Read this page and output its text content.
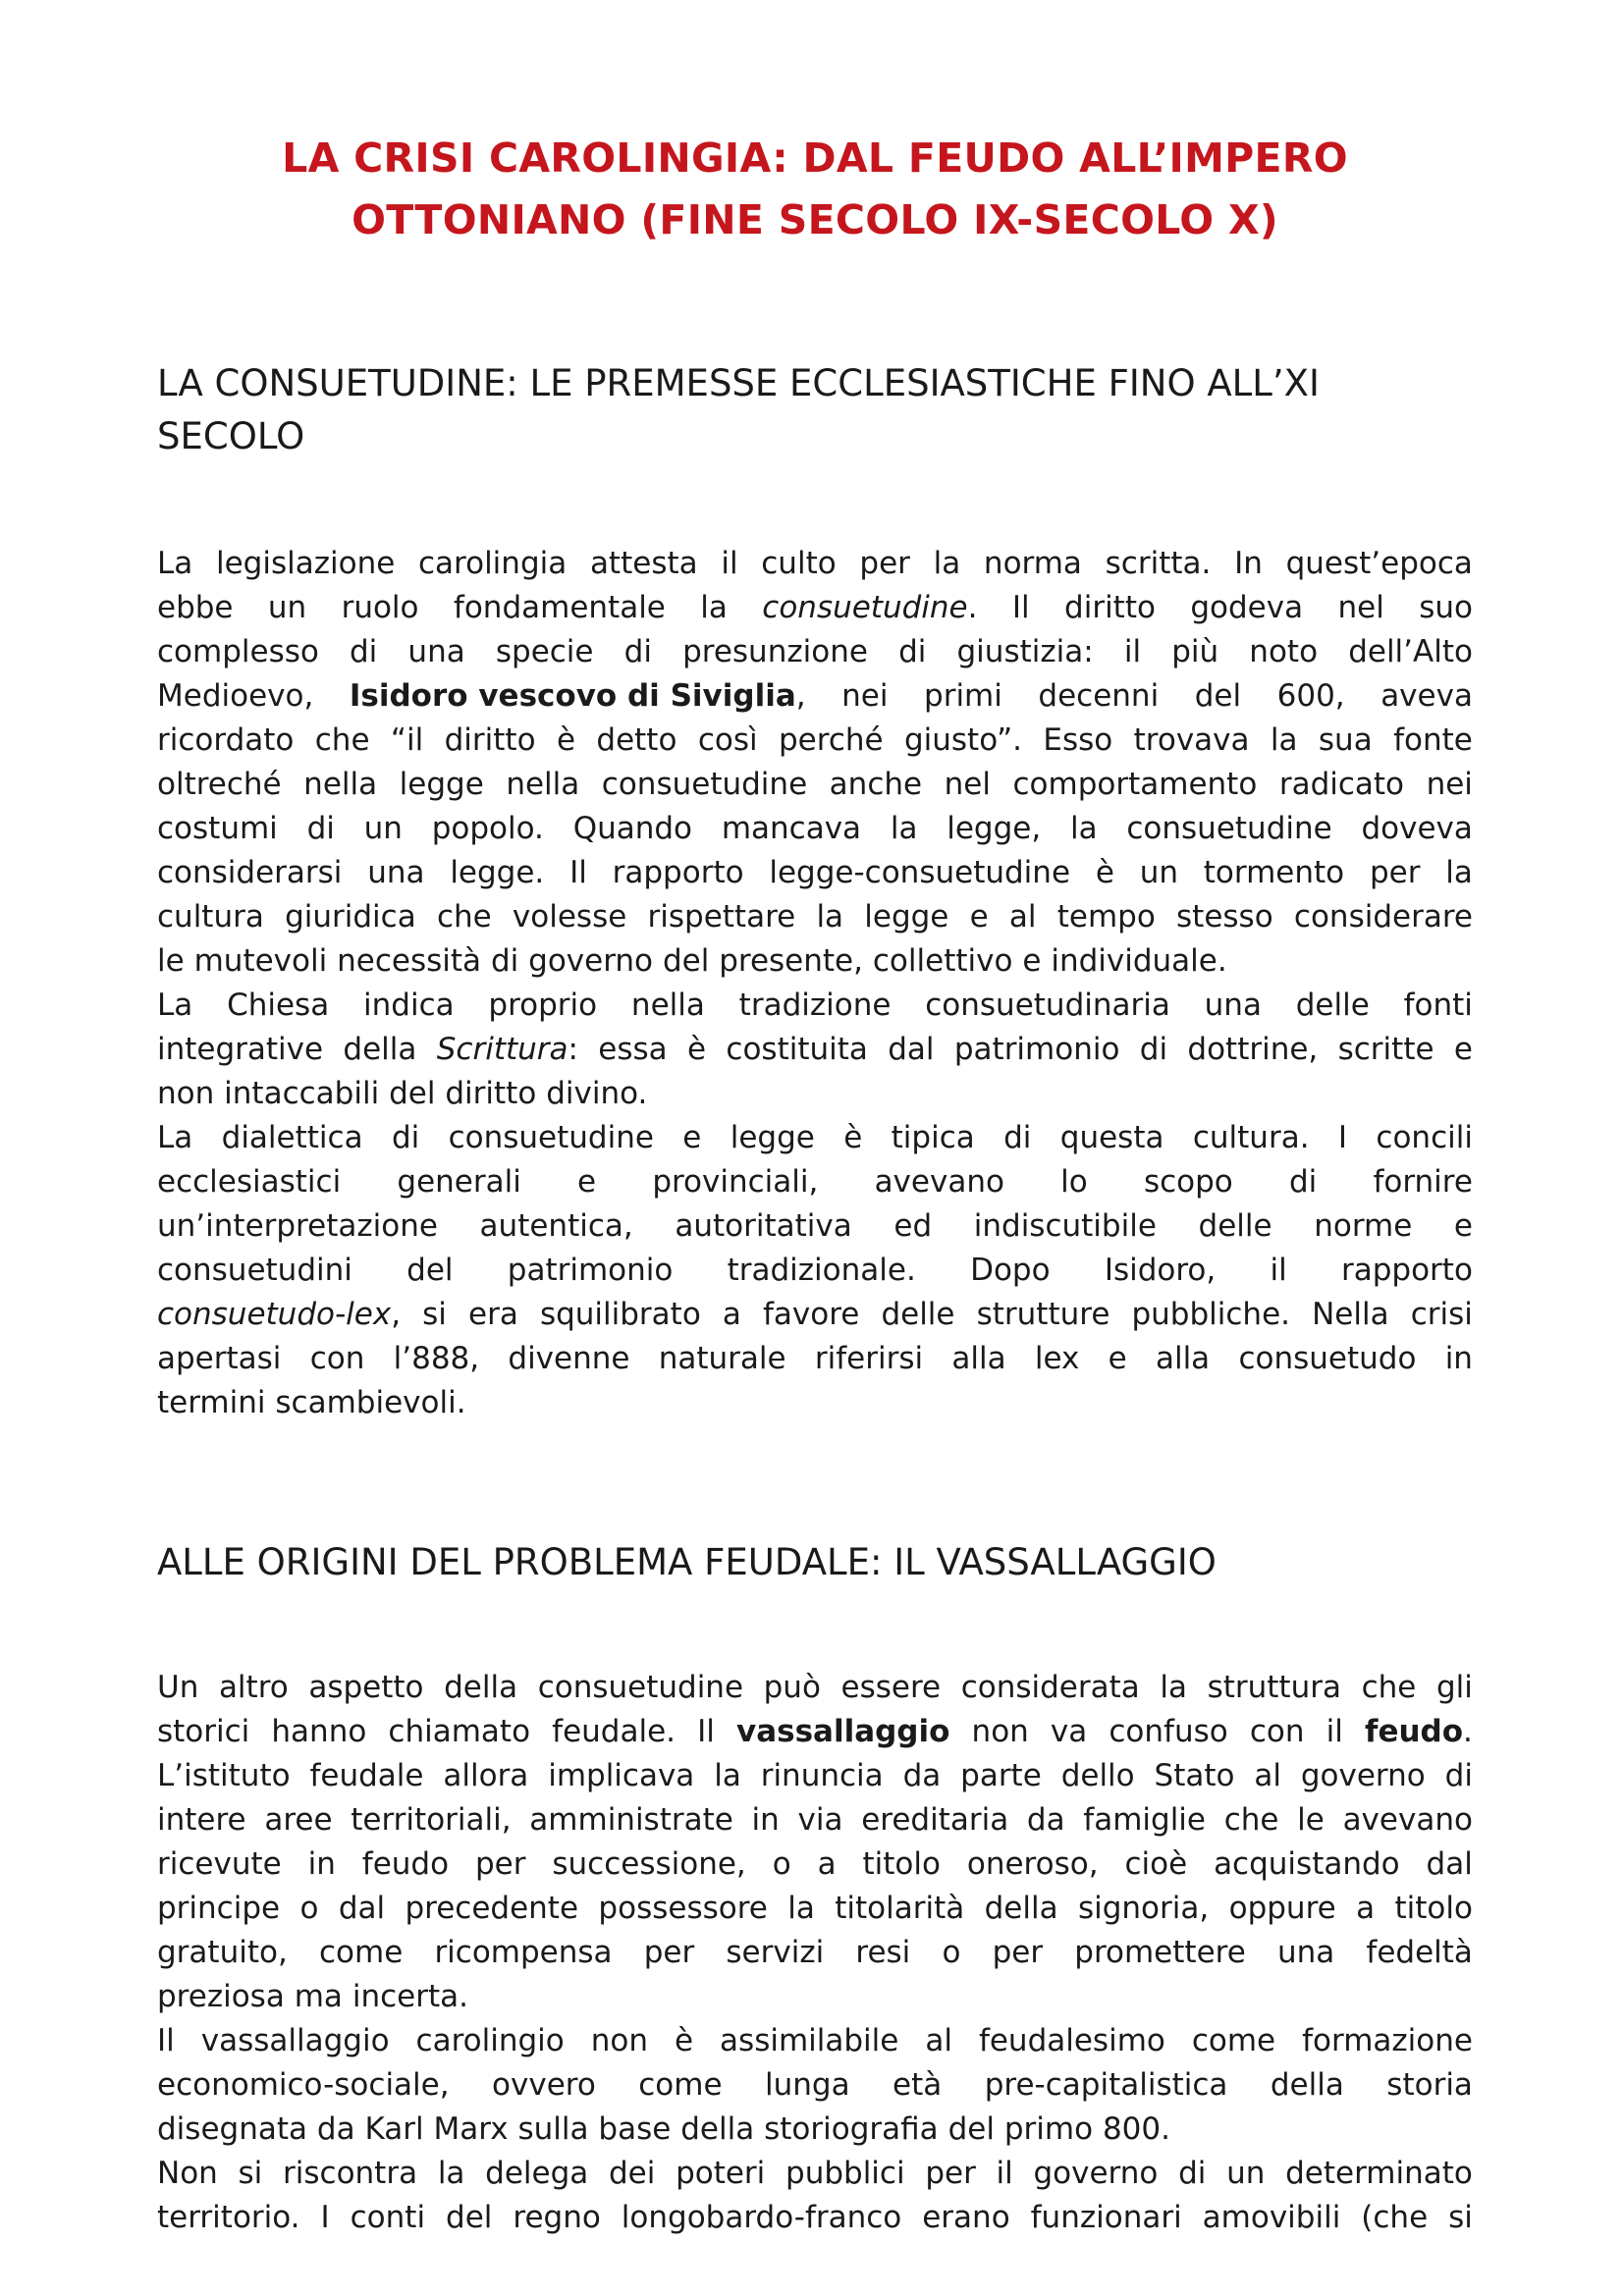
LA CRISI CAROLINGIA: DAL FEUDO ALL’IMPERO
OTTONIANO (FINE SECOLO IX-SECOLO X)
LA CONSUETUDINE: LE PREMESSE ECCLESIASTICHE FINO ALL’XI
SECOLO
La legislazione carolingia attesta il culto per la norma scritta. In quest’epoca
ebbe un ruolo fondamentale la consuetudine. Il diritto godeva nel suo
complesso di una specie di presunzione di giustizia: il più noto dell’Alto
Medioevo, Isidoro vescovo di Siviglia, nei primi decenni del 600, aveva
ricordato che “il diritto è detto così perché giusto”. Esso trovava la sua fonte
oltreché nella legge nella consuetudine anche nel comportamento radicato nei
costumi di un popolo. Quando mancava la legge, la consuetudine doveva
considerarsi una legge. Il rapporto legge-consuetudine è un tormento per la
cultura giuridica che volesse rispettare la legge e al tempo stesso considerare
le mutevoli necessità di governo del presente, collettivo e individuale.
La Chiesa indica proprio nella tradizione consuetudinaria una delle fonti
integrative della Scrittura: essa è costituita dal patrimonio di dottrine, scritte e
non intaccabili del diritto divino.
La dialettica di consuetudine e legge è tipica di questa cultura. I concili
ecclesiastici generali e provinciali, avevano lo scopo di fornire
un’interpretazione autentica, autoritativa ed indiscutibile delle norme e
consuetudini del patrimonio tradizionale. Dopo Isidoro, il rapporto
consuetudo-lex, si era squilibrato a favore delle strutture pubbliche. Nella crisi
apertasi con l’888, divenne naturale riferirsi alla lex e alla consuetudo in
termini scambievoli.
ALLE ORIGINI DEL PROBLEMA FEUDALE: IL VASSALLAGGIO
Un altro aspetto della consuetudine può essere considerata la struttura che gli
storici hanno chiamato feudale. Il vassallaggio non va confuso con il feudo.
L’istituto feudale allora implicava la rinuncia da parte dello Stato al governo di
intere aree territoriali, amministrate in via ereditaria da famiglie che le avevano
ricevute in feudo per successione, o a titolo oneroso, cioè acquistando dal
principe o dal precedente possessore la titolarità della signoria, oppure a titolo
gratuito, come ricompensa per servizi resi o per promettere una fedeltà
preziosa ma incerta.
Il vassallaggio carolingio non è assimilabile al feudalesimo come formazione
economico-sociale, ovvero come lunga età pre-capitalistica della storia
disegnata da Karl Marx sulla base della storiografia del primo 800.
Non si riscontra la delega dei poteri pubblici per il governo di un determinato
territorio. I conti del regno longobardo-franco erano funzionari amovibili (che si
